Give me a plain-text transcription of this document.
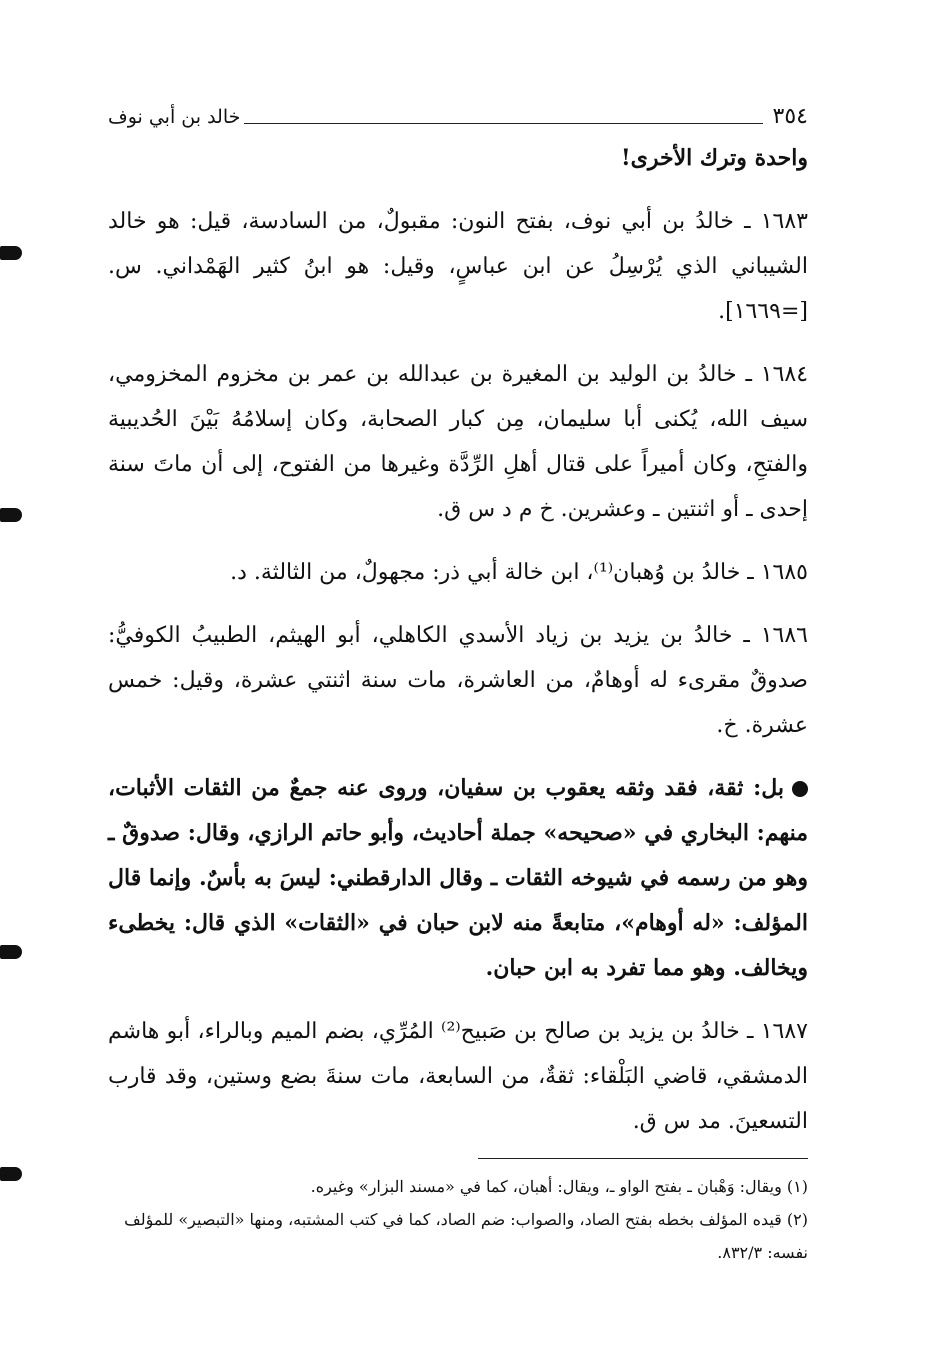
٣٥٤
خالد بن أبي نوف

واحدة وترك الأخرى!

١٦٨٣ ـ خالدُ بن أبي نوف، بفتح النون: مقبولٌ، من السادسة، قيل: هو خالد الشيباني الذي يُرْسِلُ عن ابن عباسٍ، وقيل: هو ابنُ كثير الهَمْداني. س. [=١٦٦٩].

١٦٨٤ ـ خالدُ بن الوليد بن المغيرة بن عبدالله بن عمر بن مخزوم المخزومي، سيف الله، يُكنى أبا سليمان، مِن كبار الصحابة، وكان إسلامُهُ بَيْنَ الحُديبية والفتحِ، وكان أميراً على قتال أهلِ الرِّدَّة وغيرها من الفتوح، إلى أن ماتَ سنة إحدى ـ أو اثنتين ـ وعشرين. خ م د س ق.

١٦٨٥ ـ خالدُ بن وُهبان⁽¹⁾، ابن خالة أبي ذر: مجهولٌ، من الثالثة. د.

١٦٨٦ ـ خالدُ بن يزيد بن زياد الأسدي الكاهلي، أبو الهيثم، الطبيبُ الكوفيُّ: صدوقٌ مقرىء له أوهامٌ، من العاشرة، مات سنة اثنتي عشرة، وقيل: خمس عشرة. خ.

بل: ثقة، فقد وثقه يعقوب بن سفيان، وروى عنه جمعٌ من الثقات الأثبات، منهم: البخاري في «صحيحه» جملة أحاديث، وأبو حاتم الرازي، وقال: صدوقٌ ـ وهو من رسمه في شيوخه الثقات ـ وقال الدارقطني: ليسَ به بأسٌ. وإنما قال المؤلف: «له أوهام»، متابعةً منه لابن حبان في «الثقات» الذي قال: يخطىء ويخالف. وهو مما تفرد به ابن حبان.

١٦٨٧ ـ خالدُ بن يزيد بن صالح بن صَبيح⁽²⁾ المُرِّي، بضم الميم وبالراء، أبو هاشم الدمشقي، قاضي البَلْقاء: ثقةٌ، من السابعة، مات سنةَ بضع وستين، وقد قارب التسعينَ. مد س ق.

(١) ويقال: وَهْبان ـ بفتح الواو ـ، ويقال: أهبان، كما في «مسند البزار» وغيره.

(٢) قيده المؤلف بخطه بفتح الصاد، والصواب: ضم الصاد، كما في كتب المشتبه، ومنها «التبصير» للمؤلف نفسه: ٨٣٢/٣.
